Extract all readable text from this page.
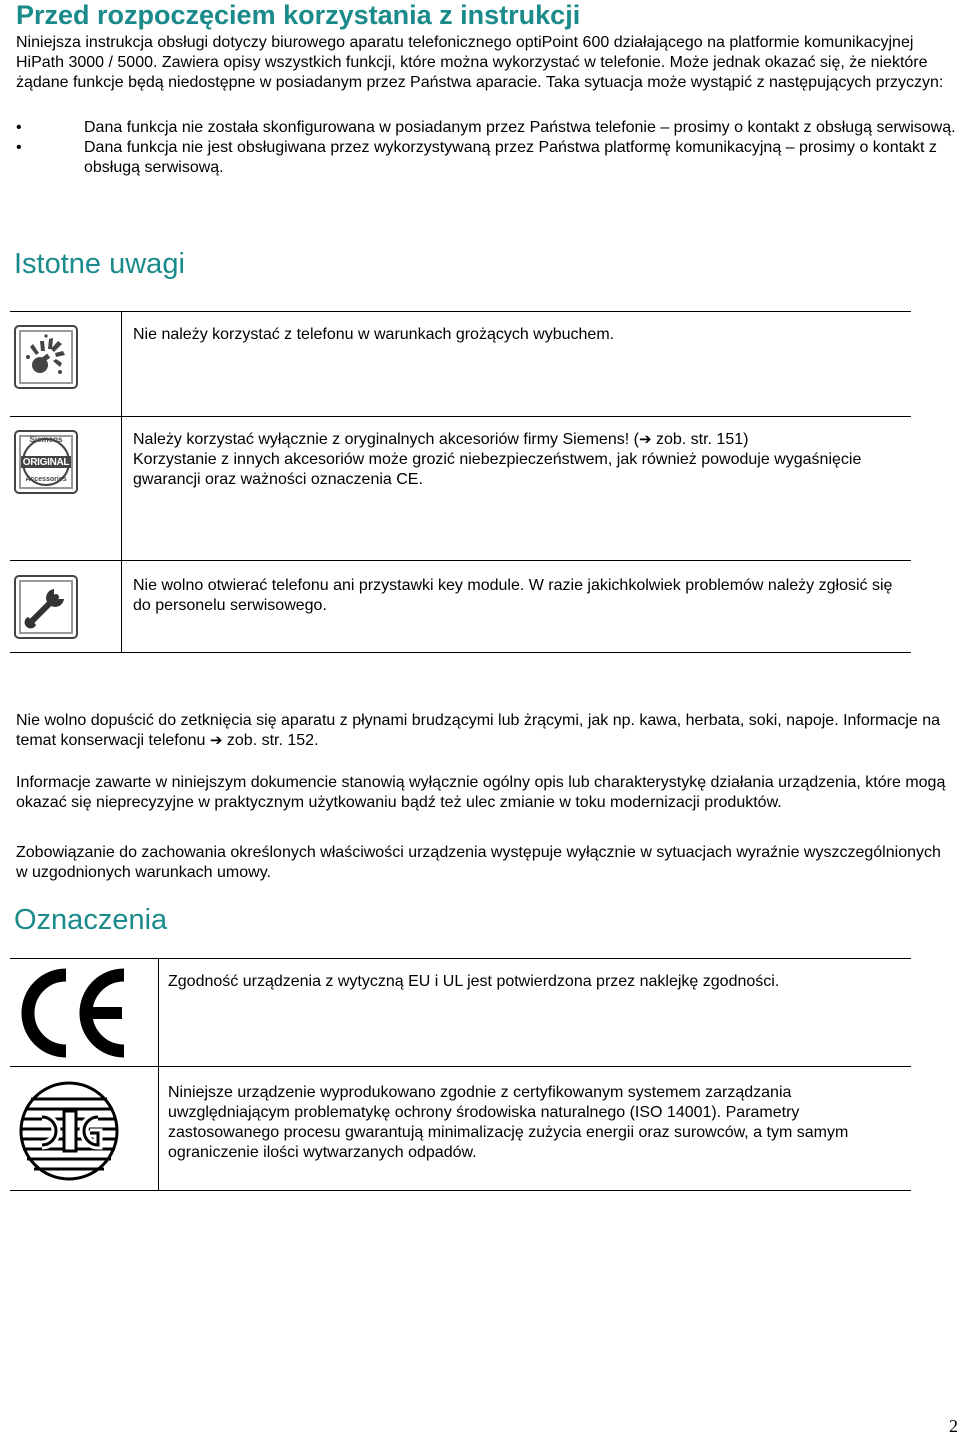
Przed rozpoczęciem korzystania z instrukcji

Niniejsza instrukcja obsługi dotyczy biurowego aparatu telefonicznego optiPoint 600 działającego na platformie komunikacyjnej HiPath 3000 / 5000. Zawiera opisy wszystkich funkcji, które można wykorzystać w telefonie. Może jednak okazać się, że niektóre żądane funkcje będą niedostępne w posiadanym przez Państwa aparacie. Taka sytuacja może wystąpić z następujących przyczyn:

•	Dana funkcja nie została skonfigurowana w posiadanym przez Państwa telefonie – prosimy o kontakt z obsługą serwisową.
•	Dana funkcja nie jest obsługiwana przez wykorzystywaną przez Państwa platformę komunikacyjną – prosimy o kontakt z obsługą serwisową.
Istotne uwagi

Nie należy korzystać z telefonu w warunkach grożących wybuchem.

Siemens
ORIGINAL
Accessories

Należy korzystać wyłącznie z oryginalnych akcesoriów firmy Siemens! (➔ zob. str. 151)
Korzystanie z innych akcesoriów może grozić niebezpieczeństwem, jak również powoduje wygaśnięcie gwarancji oraz ważności oznaczenia CE.

Nie wolno otwierać telefonu ani przystawki key module. W razie jakichkolwiek problemów należy zgłosić się do personelu serwisowego.

Nie wolno dopuścić do zetknięcia się aparatu z płynami brudzącymi lub żrącymi, jak np. kawa, herbata, soki, napoje. Informacje na temat konserwacji telefonu ➔ zob. str. 152.

Informacje zawarte w niniejszym dokumencie stanowią wyłącznie ogólny opis lub charakterystykę działania urządzenia, które mogą okazać się nieprecyzyjne w praktycznym użytkowaniu bądź też ulec zmianie w toku modernizacji produktów.

Zobowiązanie do zachowania określonych właściwości urządzenia występuje wyłącznie w sytuacjach wyraźnie wyszczególnionych w uzgodnionych warunkach umowy.

Oznaczenia

Zgodność urządzenia z wytyczną EU i UL jest potwierdzona przez naklejkę zgodności.

Niniejsze urządzenie wyprodukowano zgodnie z certyfikowanym systemem zarządzania uwzględniającym problematykę ochrony środowiska naturalnego (ISO 14001). Parametry zastosowanego procesu gwarantują minimalizację zużycia energii oraz surowców, a tym samym ograniczenie ilości wytwarzanych odpadów.

2
